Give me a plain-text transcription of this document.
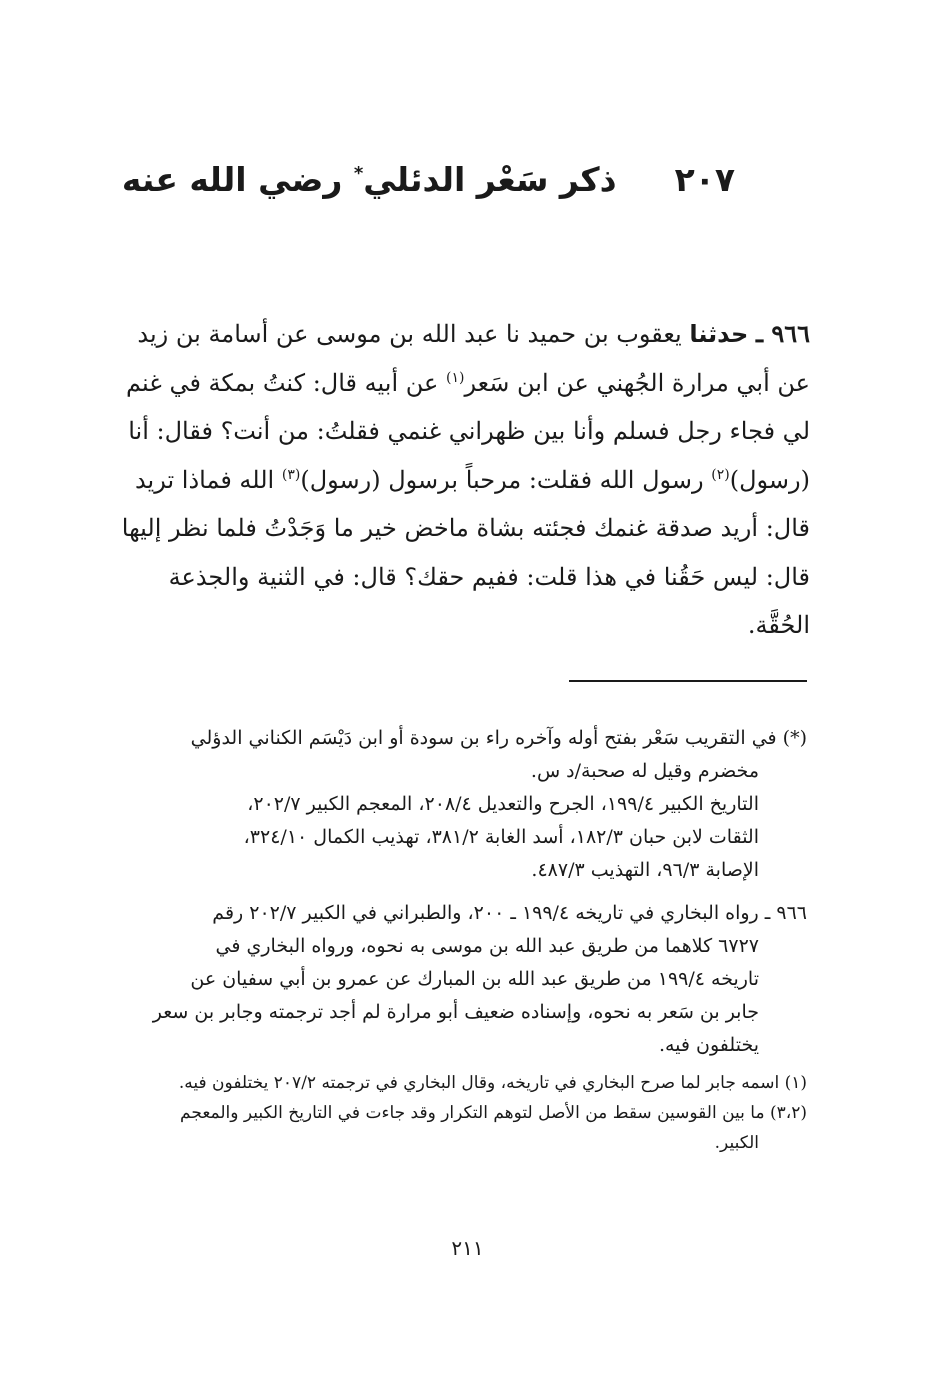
٢٠٧
ذكر سَعْر الدئلي* رضي الله عنه

٩٦٦ ـ حدثنا يعقوب بن حميد نا عبد الله بن موسى عن أسامة بن زيد عن أبي مرارة الجُهني عن ابن سَعر$^{(١)}$ عن أبيه قال: كنتُ بمكة في غنم لي فجاء رجل فسلم وأنا بين ظهراني غنمي فقلتُ: من أنت؟ فقال: أنا (رسول)$^{(٢)}$ رسول الله فقلت: مرحباً برسول (رسول)$^{(٣)}$ الله فماذا تريد قال: أريد صدقة غنمك فجئته بشاة ماخض خير ما وَجَدْتُ فلما نظر إليها قال: ليس حَقُنا في هذا قلت: ففيم حقك؟ قال: في الثنية والجذعة الحُقَّة.

(*) في التقريب سَعْر بفتح أوله وآخره راء بن سودة أو ابن دَيْسَم الكناني الدؤلي

مخضرم وقيل له صحبة/د س.

التاريخ الكبير ١٩٩/٤، الجرح والتعديل ٢٠٨/٤، المعجم الكبير ٢٠٢/٧،

الثقات لابن حبان ١٨٢/٣، أسد الغابة ٣٨١/٢، تهذيب الكمال ٣٢٤/١٠،

الإصابة ٩٦/٣، التهذيب ٤٨٧/٣.

٩٦٦ ـ رواه البخاري في تاريخه ١٩٩/٤ ـ ٢٠٠، والطبراني في الكبير ٢٠٢/٧ رقم

٦٧٢٧ كلاهما من طريق عبد الله بن موسى به نحوه، ورواه البخاري في

تاريخه ١٩٩/٤ من طريق عبد الله بن المبارك عن عمرو بن أبي سفيان عن

جابر بن سَعر به نحوه، وإسناده ضعيف أبو مرارة لم أجد ترجمته وجابر بن سعر

يختلفون فيه.

(١) اسمه جابر لما صرح البخاري في تاريخه، وقال البخاري في ترجمته ٢٠٧/٢ يختلفون فيه.

(٣،٢) ما بين القوسين سقط من الأصل لتوهم التكرار وقد جاءت في التاريخ الكبير والمعجم

الكبير.

٢١١
